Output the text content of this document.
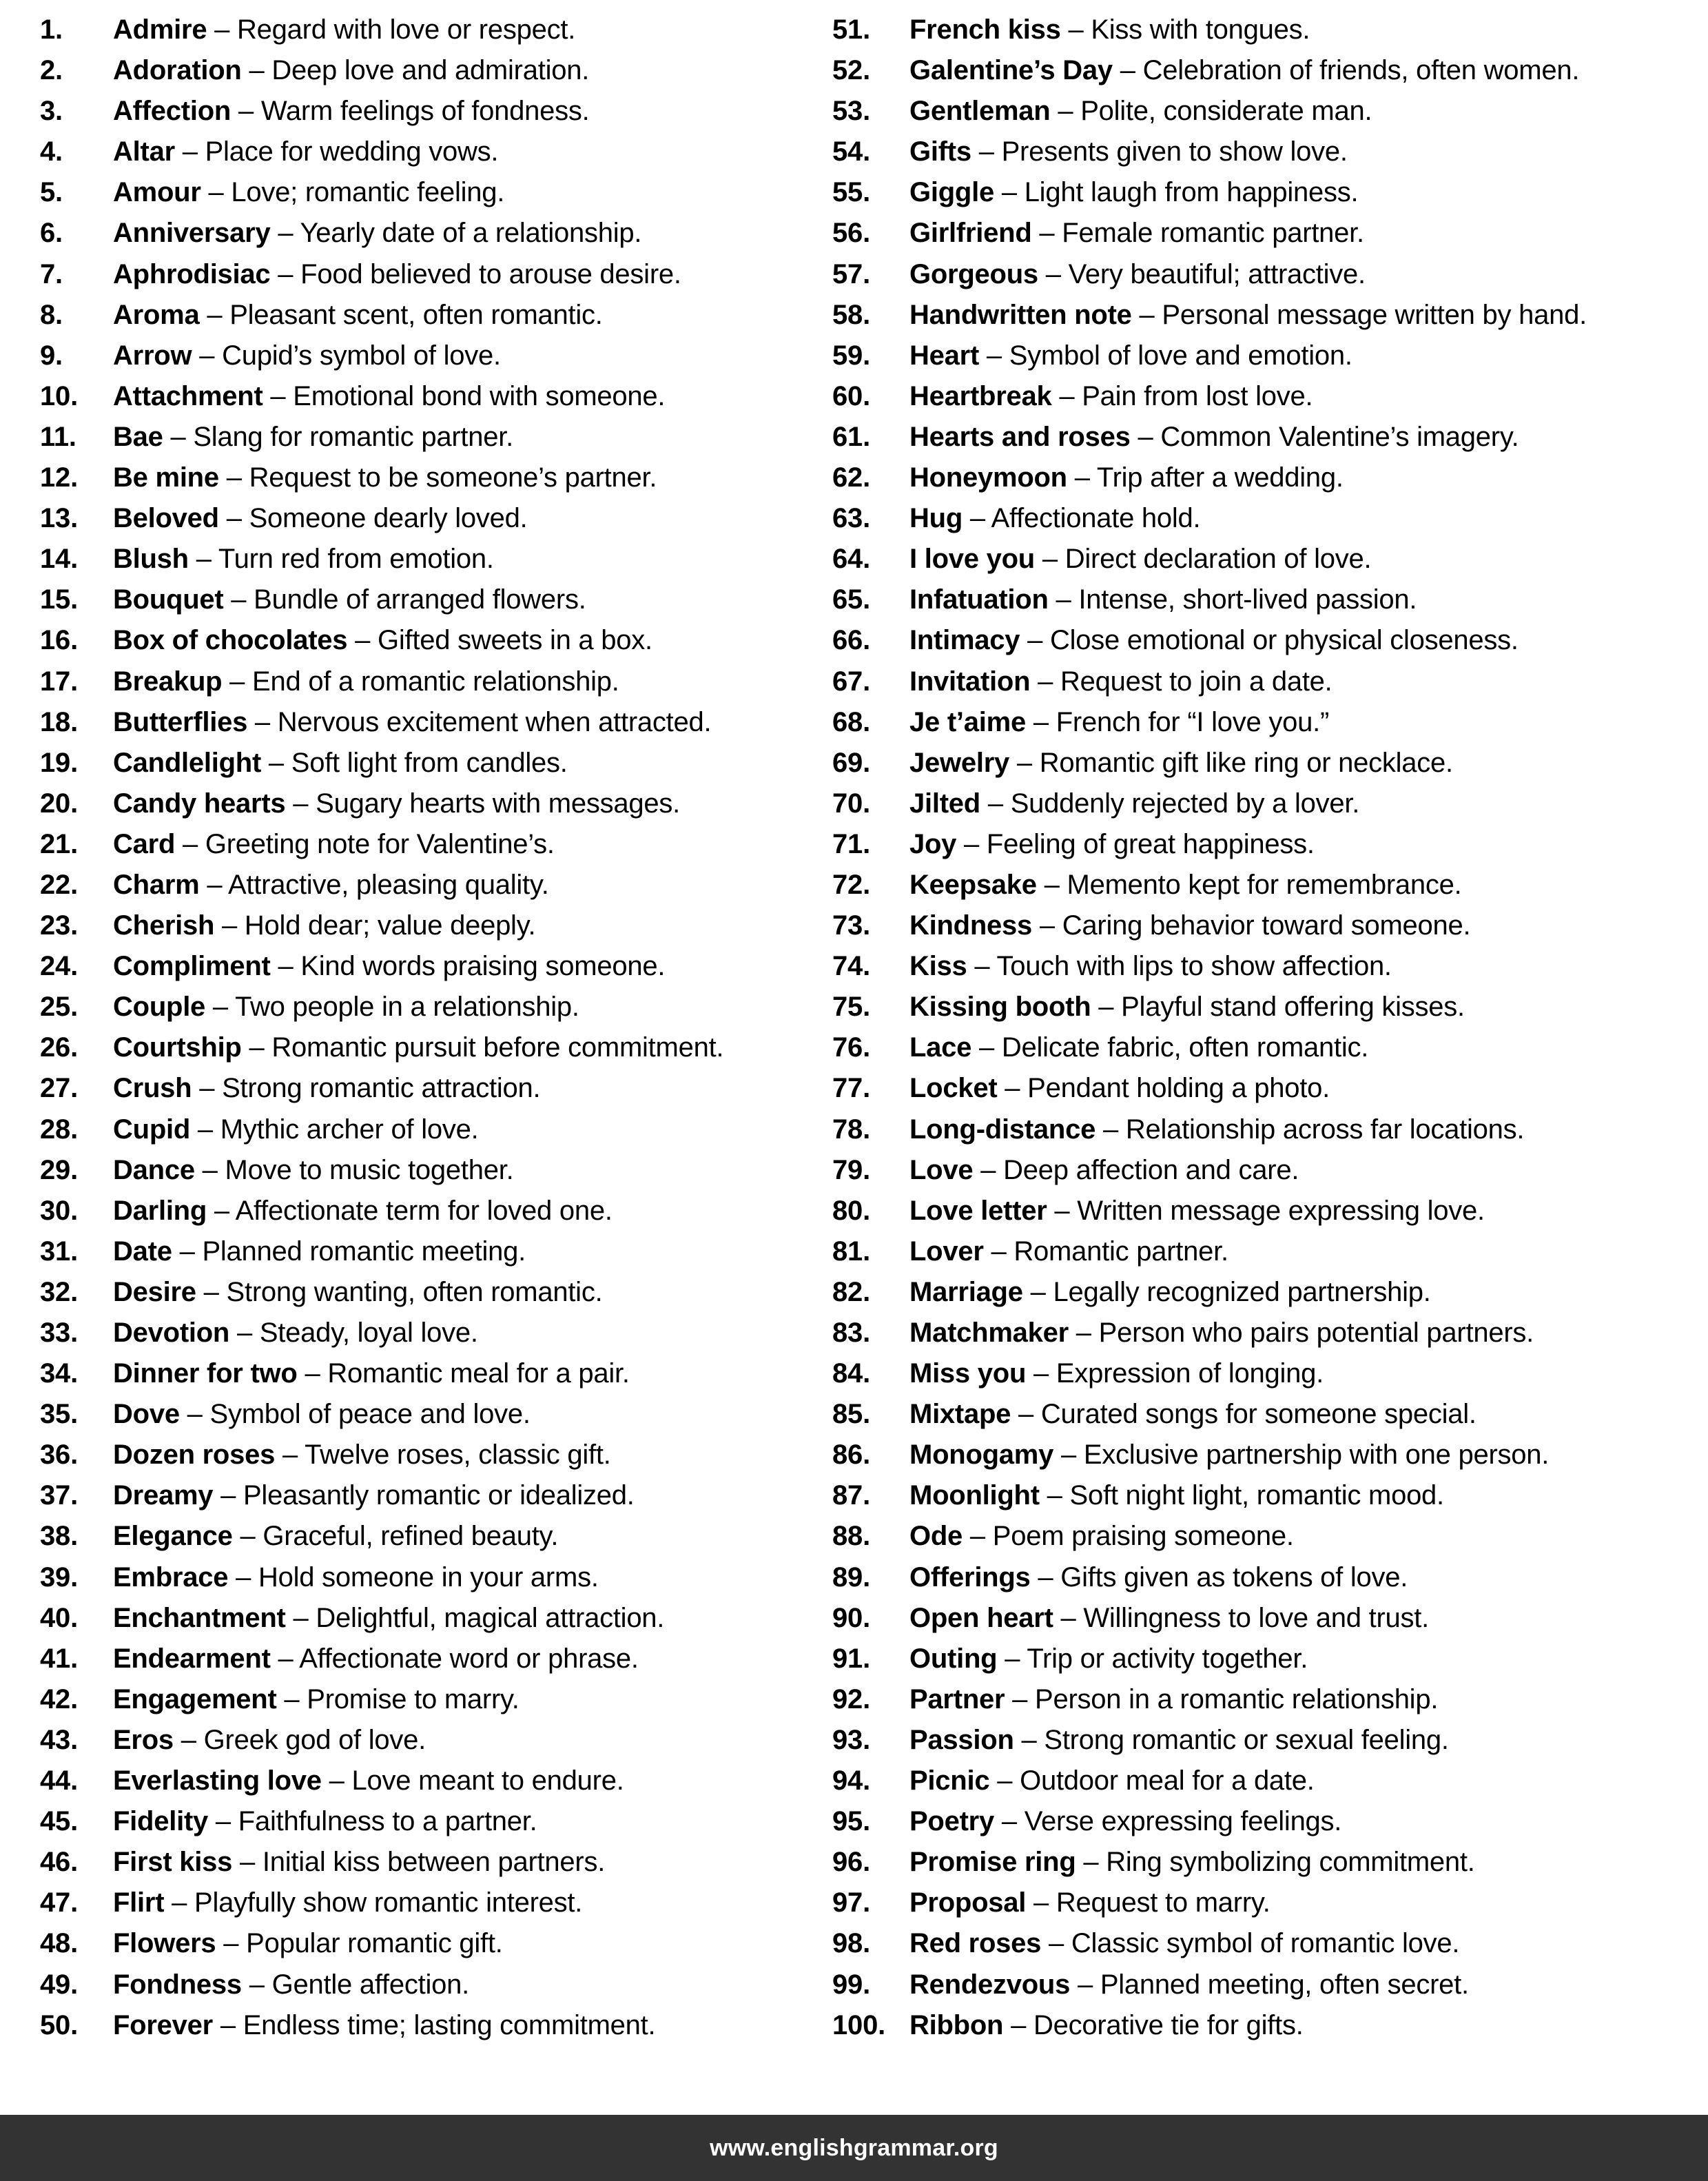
1.	Admire – Regard with love or respect.
2.	Adoration – Deep love and admiration.
3.	Affection – Warm feelings of fondness.
4.	Altar – Place for wedding vows.
5.	Amour – Love; romantic feeling.
6.	Anniversary – Yearly date of a relationship.
7.	Aphrodisiac – Food believed to arouse desire.
8.	Aroma – Pleasant scent, often romantic.
9.	Arrow – Cupid’s symbol of love.
10.	Attachment – Emotional bond with someone.
11.	Bae – Slang for romantic partner.
12.	Be mine – Request to be someone’s partner.
13.	Beloved – Someone dearly loved.
14.	Blush – Turn red from emotion.
15.	Bouquet – Bundle of arranged flowers.
16.	Box of chocolates – Gifted sweets in a box.
17.	Breakup – End of a romantic relationship.
18.	Butterflies – Nervous excitement when attracted.
19.	Candlelight – Soft light from candles.
20.	Candy hearts – Sugary hearts with messages.
21.	Card – Greeting note for Valentine’s.
22.	Charm – Attractive, pleasing quality.
23.	Cherish – Hold dear; value deeply.
24.	Compliment – Kind words praising someone.
25.	Couple – Two people in a relationship.
26.	Courtship – Romantic pursuit before commitment.
27.	Crush – Strong romantic attraction.
28.	Cupid – Mythic archer of love.
29.	Dance – Move to music together.
30.	Darling – Affectionate term for loved one.
31.	Date – Planned romantic meeting.
32.	Desire – Strong wanting, often romantic.
33.	Devotion – Steady, loyal love.
34.	Dinner for two – Romantic meal for a pair.
35.	Dove – Symbol of peace and love.
36.	Dozen roses – Twelve roses, classic gift.
37.	Dreamy – Pleasantly romantic or idealized.
38.	Elegance – Graceful, refined beauty.
39.	Embrace – Hold someone in your arms.
40.	Enchantment – Delightful, magical attraction.
41.	Endearment – Affectionate word or phrase.
42.	Engagement – Promise to marry.
43.	Eros – Greek god of love.
44.	Everlasting love – Love meant to endure.
45.	Fidelity – Faithfulness to a partner.
46.	First kiss – Initial kiss between partners.
47.	Flirt – Playfully show romantic interest.
48.	Flowers – Popular romantic gift.
49.	Fondness – Gentle affection.
50.	Forever – Endless time; lasting commitment.
51.	French kiss – Kiss with tongues.
52.	Galentine’s Day – Celebration of friends, often women.
53.	Gentleman – Polite, considerate man.
54.	Gifts – Presents given to show love.
55.	Giggle – Light laugh from happiness.
56.	Girlfriend – Female romantic partner.
57.	Gorgeous – Very beautiful; attractive.
58.	Handwritten note – Personal message written by hand.
59.	Heart – Symbol of love and emotion.
60.	Heartbreak – Pain from lost love.
61.	Hearts and roses – Common Valentine’s imagery.
62.	Honeymoon – Trip after a wedding.
63.	Hug – Affectionate hold.
64.	I love you – Direct declaration of love.
65.	Infatuation – Intense, short-lived passion.
66.	Intimacy – Close emotional or physical closeness.
67.	Invitation – Request to join a date.
68.	Je t’aime – French for “I love you.”
69.	Jewelry – Romantic gift like ring or necklace.
70.	Jilted – Suddenly rejected by a lover.
71.	Joy – Feeling of great happiness.
72.	Keepsake – Memento kept for remembrance.
73.	Kindness – Caring behavior toward someone.
74.	Kiss – Touch with lips to show affection.
75.	Kissing booth – Playful stand offering kisses.
76.	Lace – Delicate fabric, often romantic.
77.	Locket – Pendant holding a photo.
78.	Long-distance – Relationship across far locations.
79.	Love – Deep affection and care.
80.	Love letter – Written message expressing love.
81.	Lover – Romantic partner.
82.	Marriage – Legally recognized partnership.
83.	Matchmaker – Person who pairs potential partners.
84.	Miss you – Expression of longing.
85.	Mixtape – Curated songs for someone special.
86.	Monogamy – Exclusive partnership with one person.
87.	Moonlight – Soft night light, romantic mood.
88.	Ode – Poem praising someone.
89.	Offerings – Gifts given as tokens of love.
90.	Open heart – Willingness to love and trust.
91.	Outing – Trip or activity together.
92.	Partner – Person in a romantic relationship.
93.	Passion – Strong romantic or sexual feeling.
94.	Picnic – Outdoor meal for a date.
95.	Poetry – Verse expressing feelings.
96.	Promise ring – Ring symbolizing commitment.
97.	Proposal – Request to marry.
98.	Red roses – Classic symbol of romantic love.
99.	Rendezvous – Planned meeting, often secret.
100. Ribbon – Decorative tie for gifts.
www.englishgrammar.org
